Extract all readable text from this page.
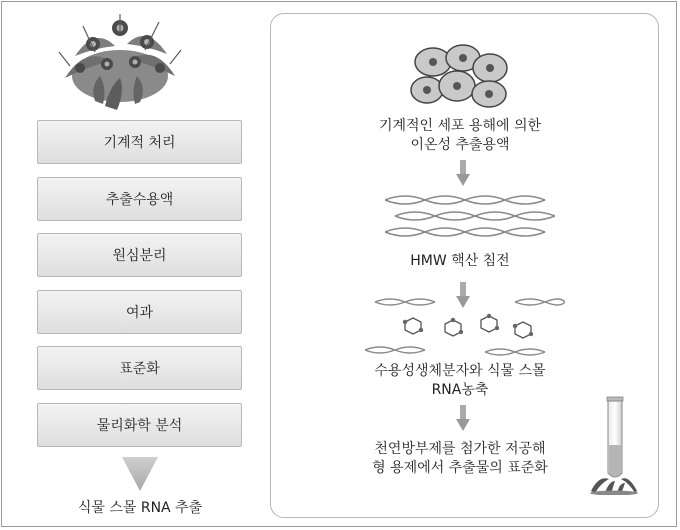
기계적 처리
추출수용액
원심분리
여과
표준화
물리화학 분석
식물 스몰 RNA 추출
기계적인 세포 용해에 의한
이온성 추출용액
HMW 핵산 침전
수용성생체분자와 식물 스몰
RNA농축
천연방부제를 첨가한 저공해
형 용제에서 추출물의 표준화
